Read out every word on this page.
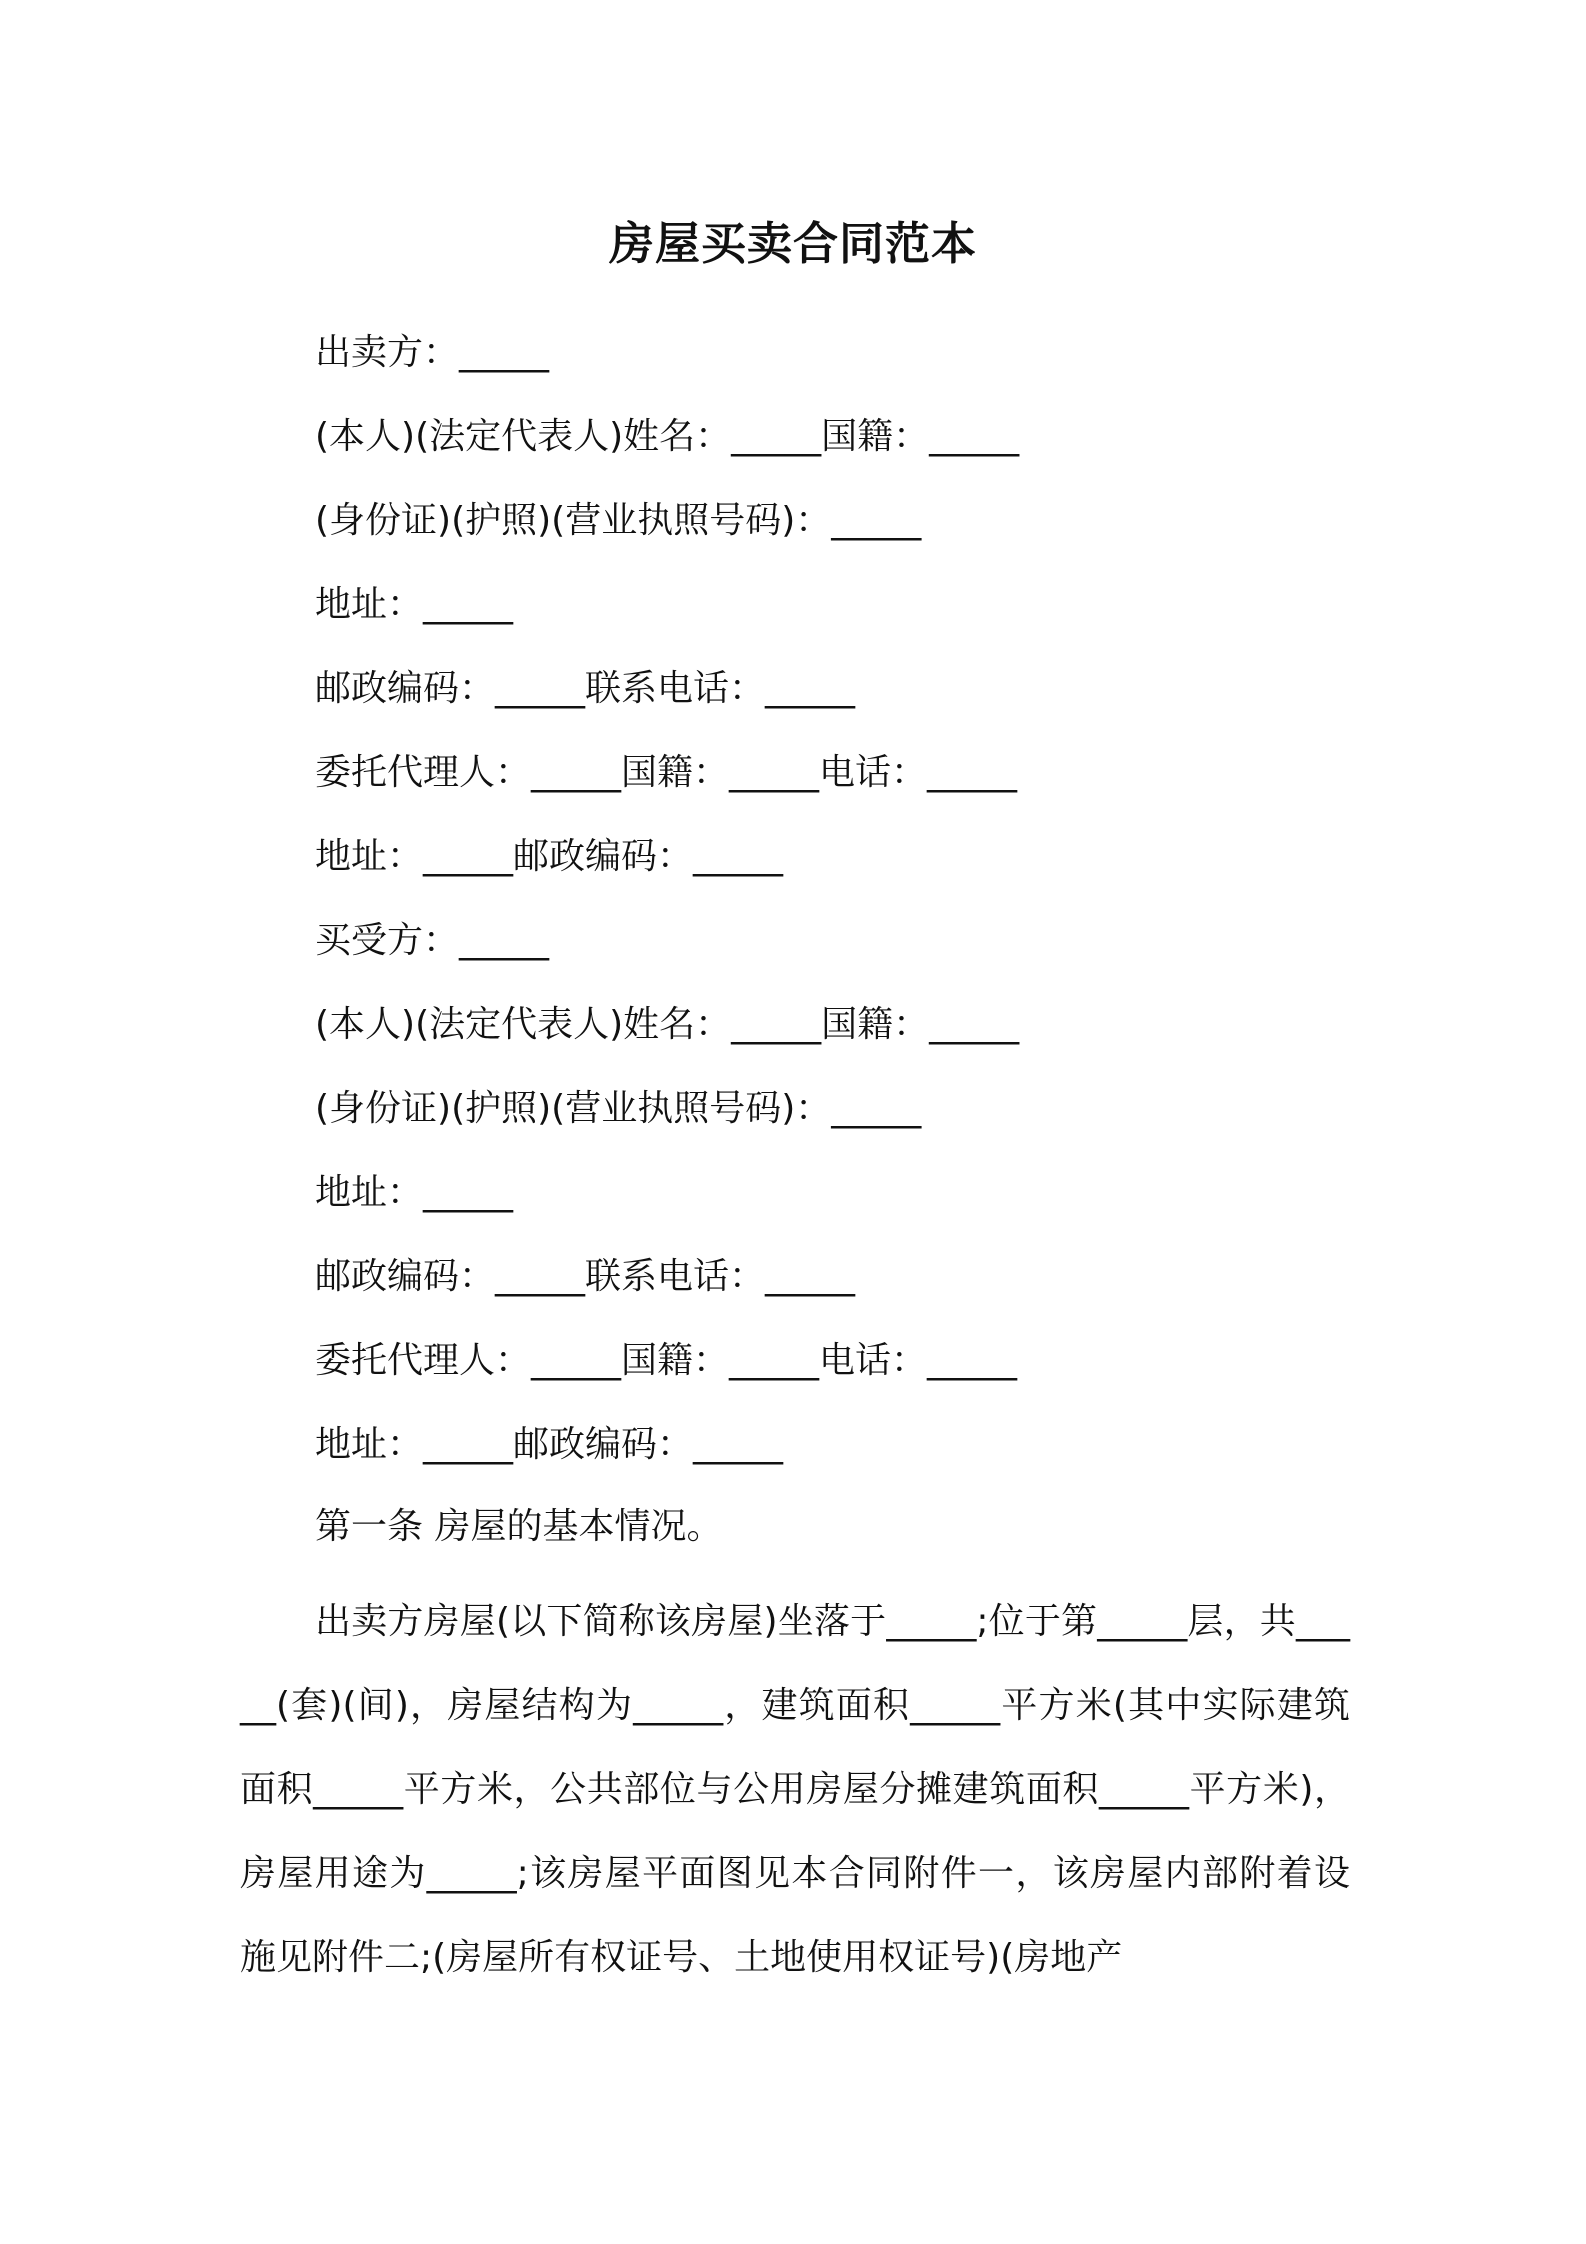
房屋买卖合同范本
出卖方：_____
(本人)(法定代表人)姓名：_____国籍：_____
(身份证)(护照)(营业执照号码)：_____
地址：_____
邮政编码：_____联系电话：_____
委托代理人：_____国籍：_____电话：_____
地址：_____邮政编码：_____
买受方：_____
(本人)(法定代表人)姓名：_____国籍：_____
(身份证)(护照)(营业执照号码)：_____
地址：_____
邮政编码：_____联系电话：_____
委托代理人：_____国籍：_____电话：_____
地址：_____邮政编码：_____
第一条 房屋的基本情况。
出卖方房屋(以下简称该房屋)坐落于_____;位于第_____层，共_____(套)(间)，房屋结构为_____，建筑面积_____平方米(其中实际建筑面积_____平方米，公共部位与公用房屋分摊建筑面积_____平方米)，房屋用途为_____;该房屋平面图见本合同附件一，该房屋内部附着设施见附件二;(房屋所有权证号、土地使用权证号)(房地产
